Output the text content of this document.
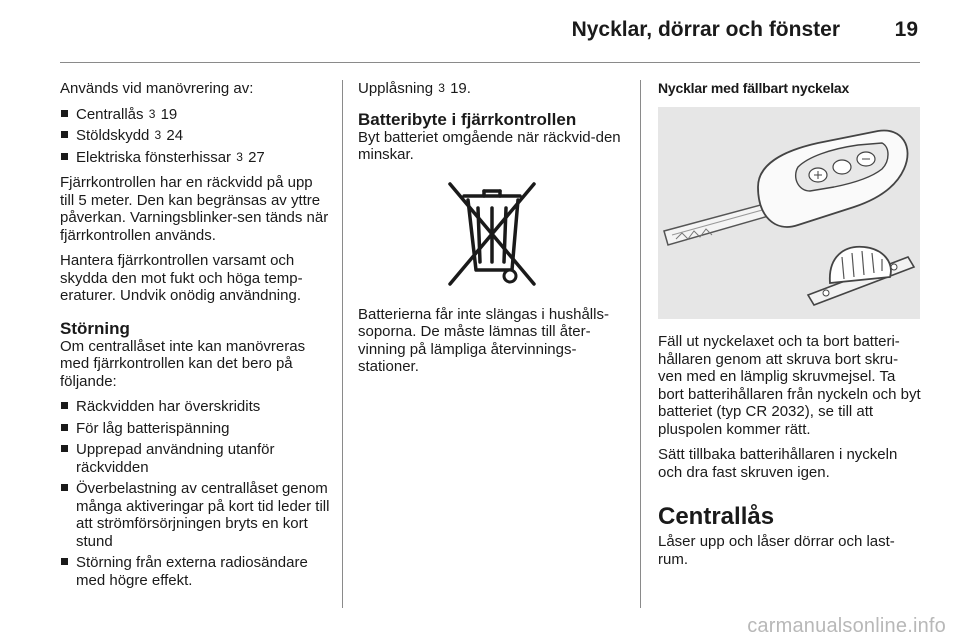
Nycklar, dörrar och fönster	19

Används vid manövrering av:

Centrallås 3 19
Stöldskydd 3 24
Elektriska fönsterhissar 3 27

Fjärrkontrollen har en räckvidd på upp till 5 meter. Den kan begränsas av yttre påverkan. Varningsblinker-sen tänds när fjärrkontrollen används.

Hantera fjärrkontrollen varsamt och skydda den mot fukt och höga temp-eraturer. Undvik onödig användning.

Störning

Om centrallåset inte kan manövreras med fjärrkontrollen kan det bero på följande:

Räckvidden har överskridits
För låg batterispänning
Upprepad användning utanför räckvidden
Överbelastning av centrallåset genom många aktiveringar på kort tid leder till att strömförsörjningen bryts en kort stund
Störning från externa radiosändare med högre effekt.

Upplåsning 3 19.

Batteribyte i fjärrkontrollen

Byt batteriet omgående när räckvid-den minskar.

Batterierna får inte slängas i hushålls-soporna. De måste lämnas till åter-vinning på lämpliga återvinnings-stationer.

Nycklar med fällbart nyckelax

Fäll ut nyckelaxet och ta bort batteri-hållaren genom att skruva bort skru-ven med en lämplig skruvmejsel. Ta bort batterihållaren från nyckeln och byt batteriet (typ CR 2032), se till att pluspolen kommer rätt.

Sätt tillbaka batterihållaren i nyckeln och dra fast skruven igen.

Centrallås

Låser upp och låser dörrar och last-rum.

carmanualsonline.info
